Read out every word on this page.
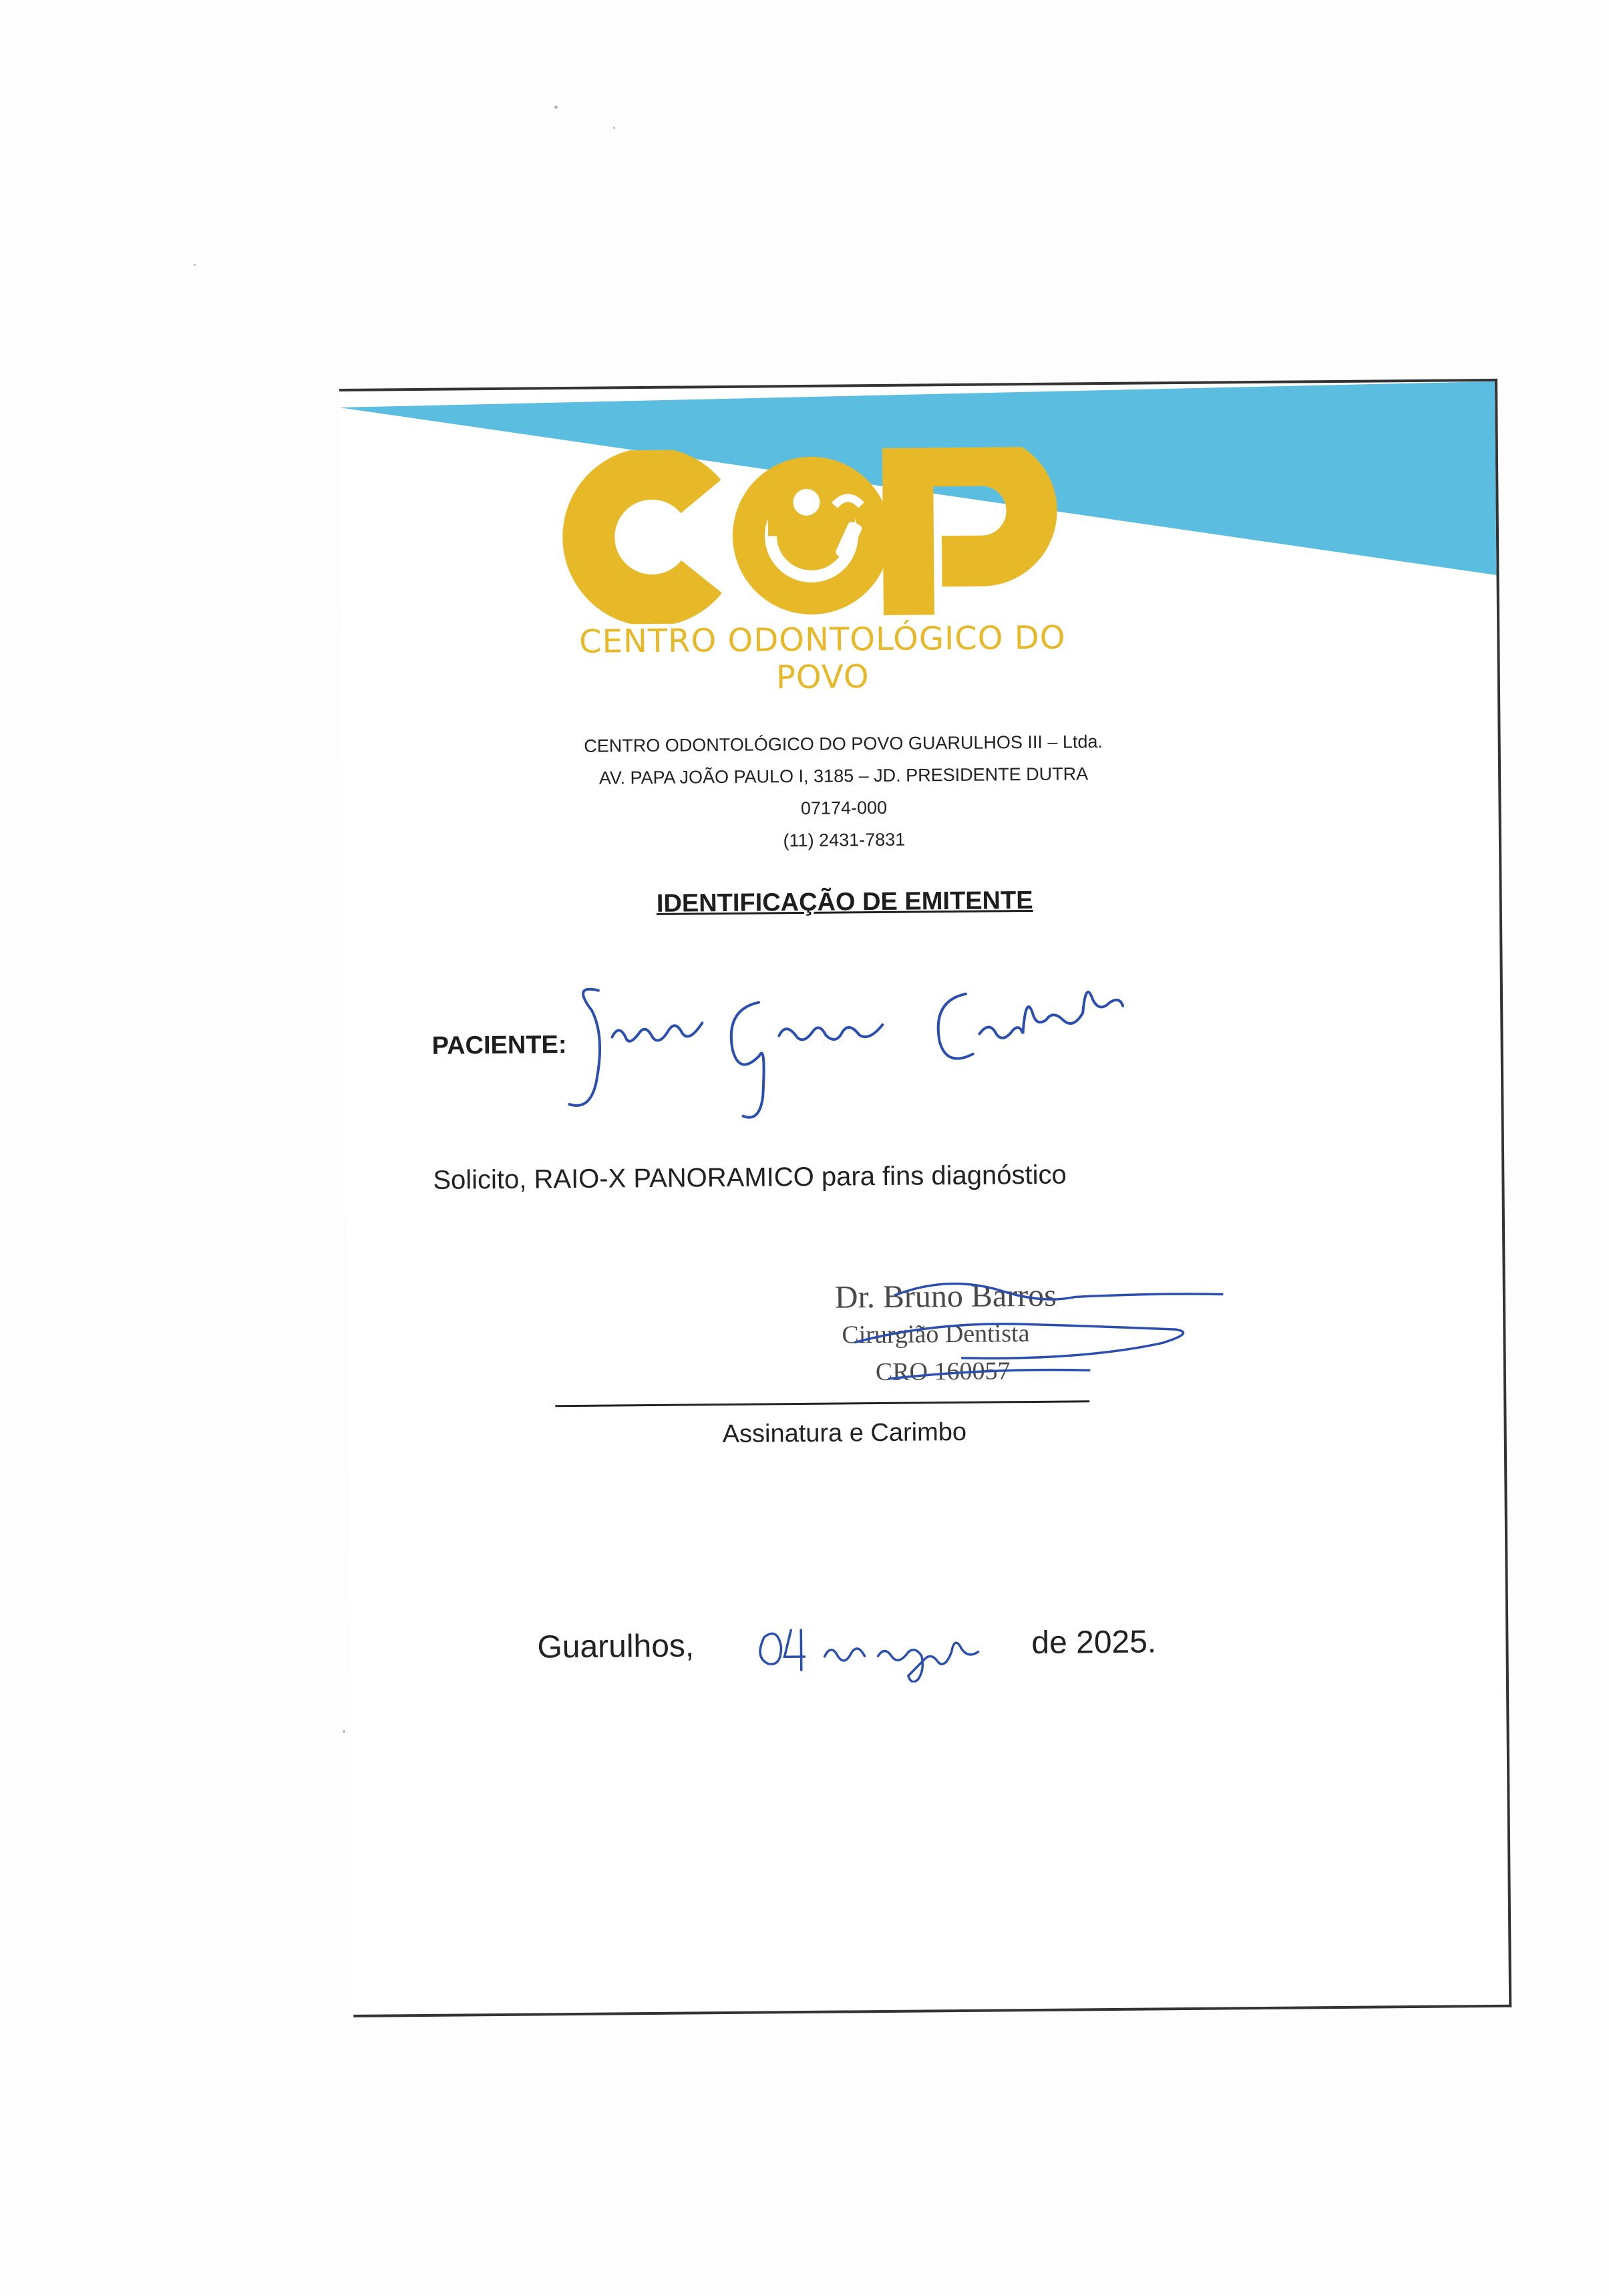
CENTRO ODONTOLÓGICO DO POVO
CENTRO ODONTOLÓGICO DO POVO GUARULHOS III – Ltda.
AV. PAPA JOÃO PAULO I, 3185 – JD. PRESIDENTE DUTRA
07174-000
(11) 2431-7831
IDENTIFICAÇÃO DE EMITENTE
PACIENTE:
Solicito, RAIO-X PANORAMICO para fins diagnóstico
Dr. Bruno Barros
Cirurgião Dentista
CRO 160057
Assinatura e Carimbo
Guarulhos,	de 2025.
